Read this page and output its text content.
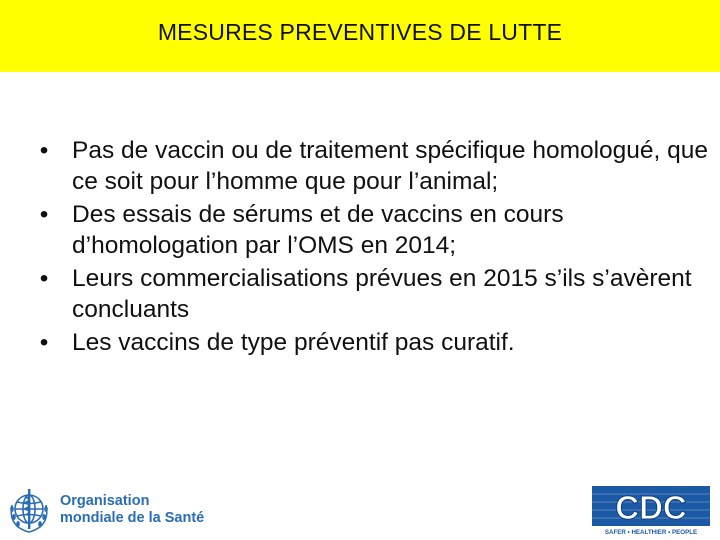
MESURES PREVENTIVES DE LUTTE
• Pas de vaccin ou de traitement spécifique homologué, que ce soit pour l’homme que pour l’animal;
• Des essais de sérums et de vaccins en cours d’homologation par l’OMS en 2014;
• Leurs commercialisations prévues en 2015 s’ils s’avèrent concluants
• Les vaccins de type préventif pas curatif.
Organisation
mondiale de la Santé	CDC
SAFER • HEALTHIER • PEOPLE
